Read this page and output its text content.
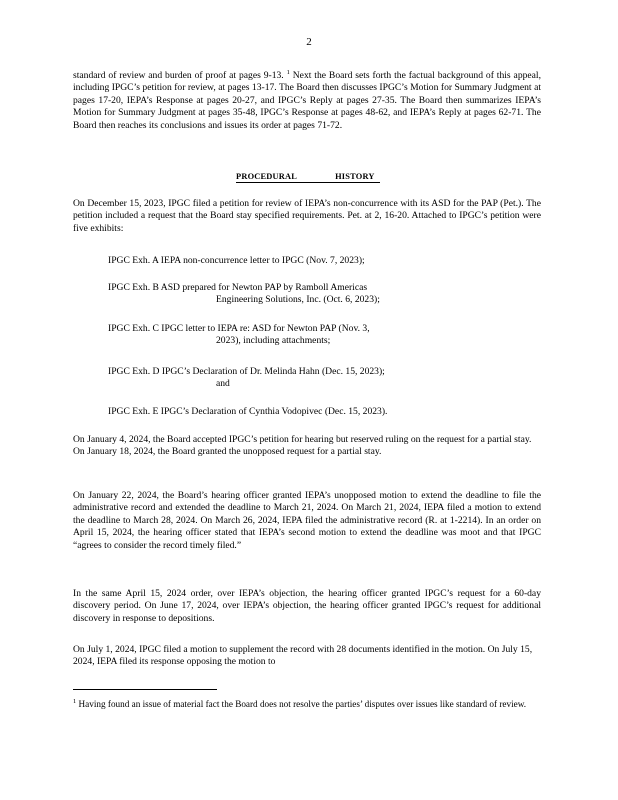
2
standard of review and burden of proof at pages 9-13. $^1$ Next the Board sets forth the factual background of this appeal, including IPGC’s petition for review, at pages 13-17. The Board then discusses IPGC’s Motion for Summary Judgment at pages 17-20, IEPA’s Response at pages 20-27, and IPGC’s Reply at pages 27-35. The Board then summarizes IEPA’s Motion for Summary Judgment at pages 35-48, IPGC’s Response at pages 48-62, and IEPA’s Reply at pages 62-71. The Board then reaches its conclusions and issues its order at pages 71-72.
PROCEDURAL	HISTORY
On December 15, 2023, IPGC filed a petition for review of IEPA’s non-concurrence with its ASD for the PAP (Pet.). The petition included a request that the Board stay specified requirements. Pet. at 2, 16-20. Attached to IPGC’s petition were five exhibits:
IPGC Exh. A IEPA non-concurrence letter to IPGC (Nov. 7, 2023);
IPGC Exh. B ASD prepared for Newton PAP by Ramboll Americas
Engineering Solutions, Inc. (Oct. 6, 2023);
IPGC Exh. C IPGC letter to IEPA re: ASD for Newton PAP (Nov. 3,
2023), including attachments;
IPGC Exh. D IPGC’s Declaration of Dr. Melinda Hahn (Dec. 15, 2023);
and
IPGC Exh. E IPGC’s Declaration of Cynthia Vodopivec (Dec. 15, 2023).
On January 4, 2024, the Board accepted IPGC’s petition for hearing but reserved ruling on the request for a partial stay. On January 18, 2024, the Board granted the unopposed request for a partial stay.
On January 22, 2024, the Board’s hearing officer granted IEPA’s unopposed motion to extend the deadline to file the administrative record and extended the deadline to March 21, 2024. On March 21, 2024, IEPA filed a motion to extend the deadline to March 28, 2024. On March 26, 2024, IEPA filed the administrative record (R. at 1-2214). In an order on April 15, 2024, the hearing officer stated that IEPA’s second motion to extend the deadline was moot and that IPGC “agrees to consider the record timely filed.”
In the same April 15, 2024 order, over IEPA’s objection, the hearing officer granted IPGC’s request for a 60-day discovery period. On June 17, 2024, over IEPA’s objection, the hearing officer granted IPGC’s request for additional discovery in response to depositions.
On July 1, 2024, IPGC filed a motion to supplement the record with 28 documents identified in the motion. On July 15, 2024, IEPA filed its response opposing the motion to
$^1$ Having found an issue of material fact the Board does not resolve the parties’ disputes over issues like standard of review.
